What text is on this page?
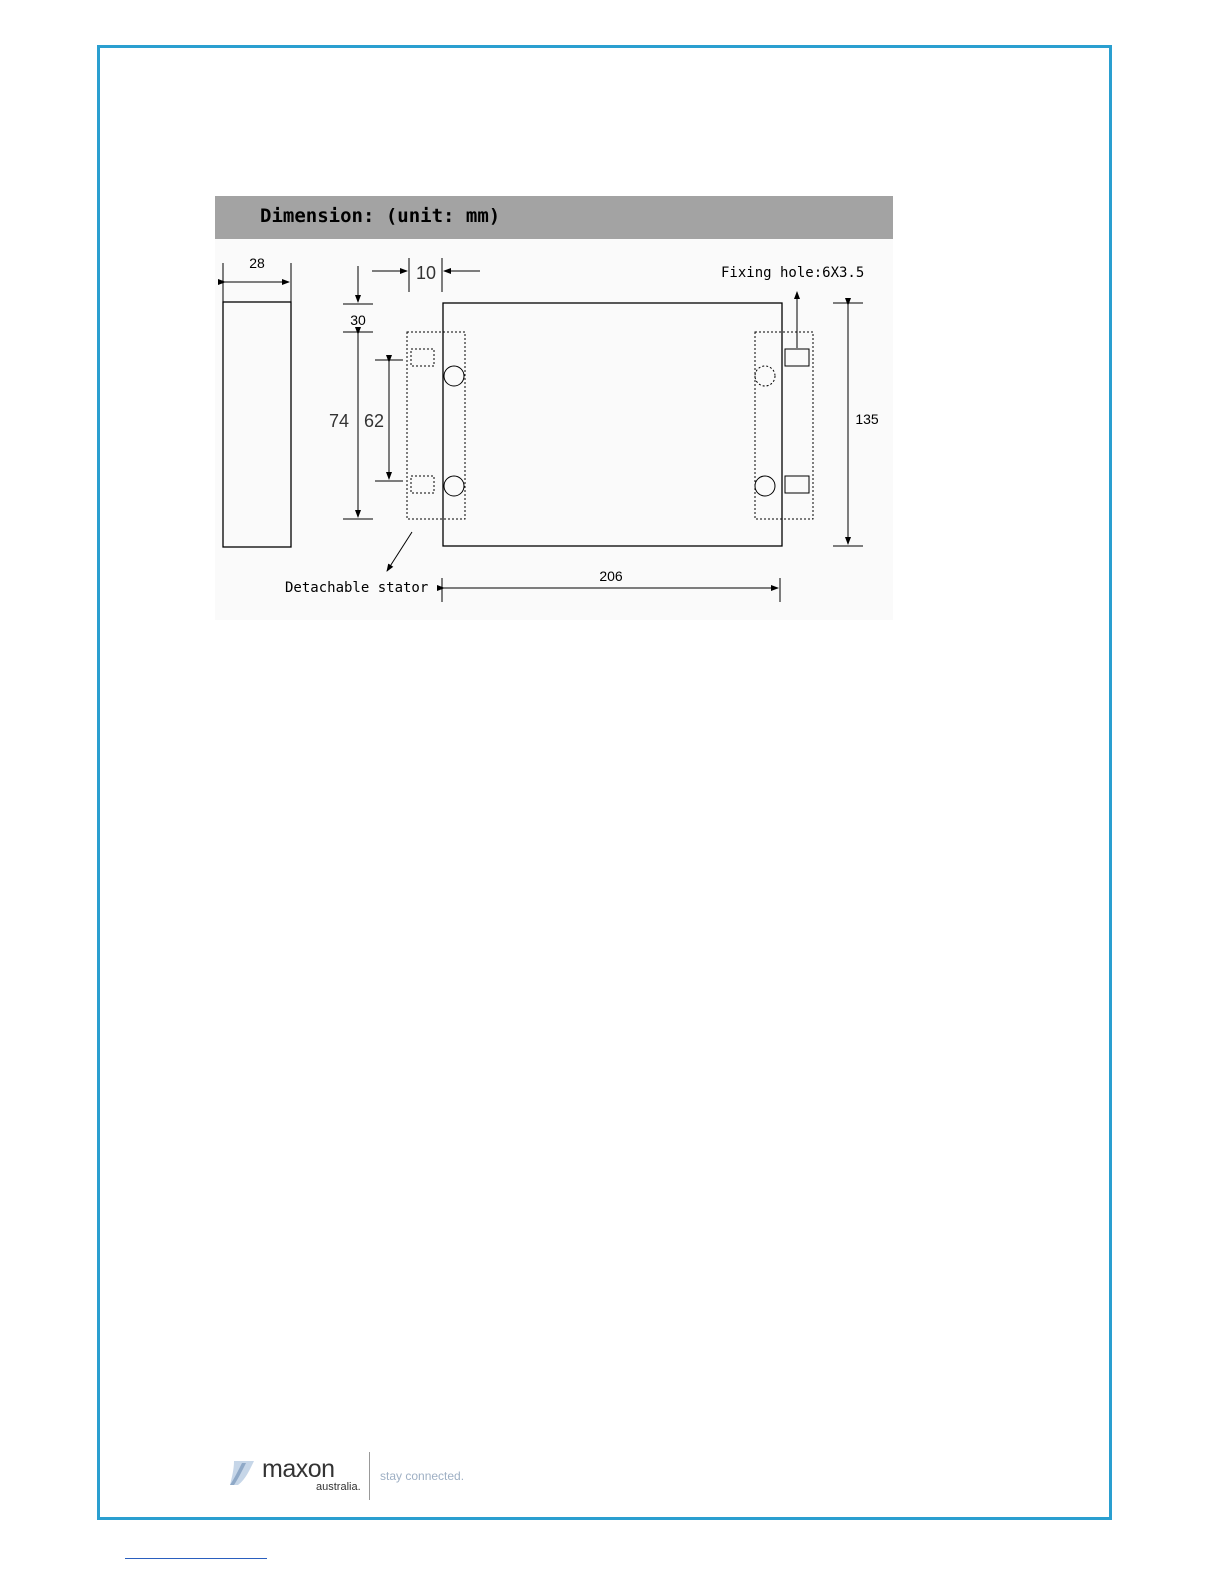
Dimension: (unit: mm)
28	10
30
74 62	135
206
Fixing hole:6X3.5
Detachable stator
maxon
australia.
stay connected.
